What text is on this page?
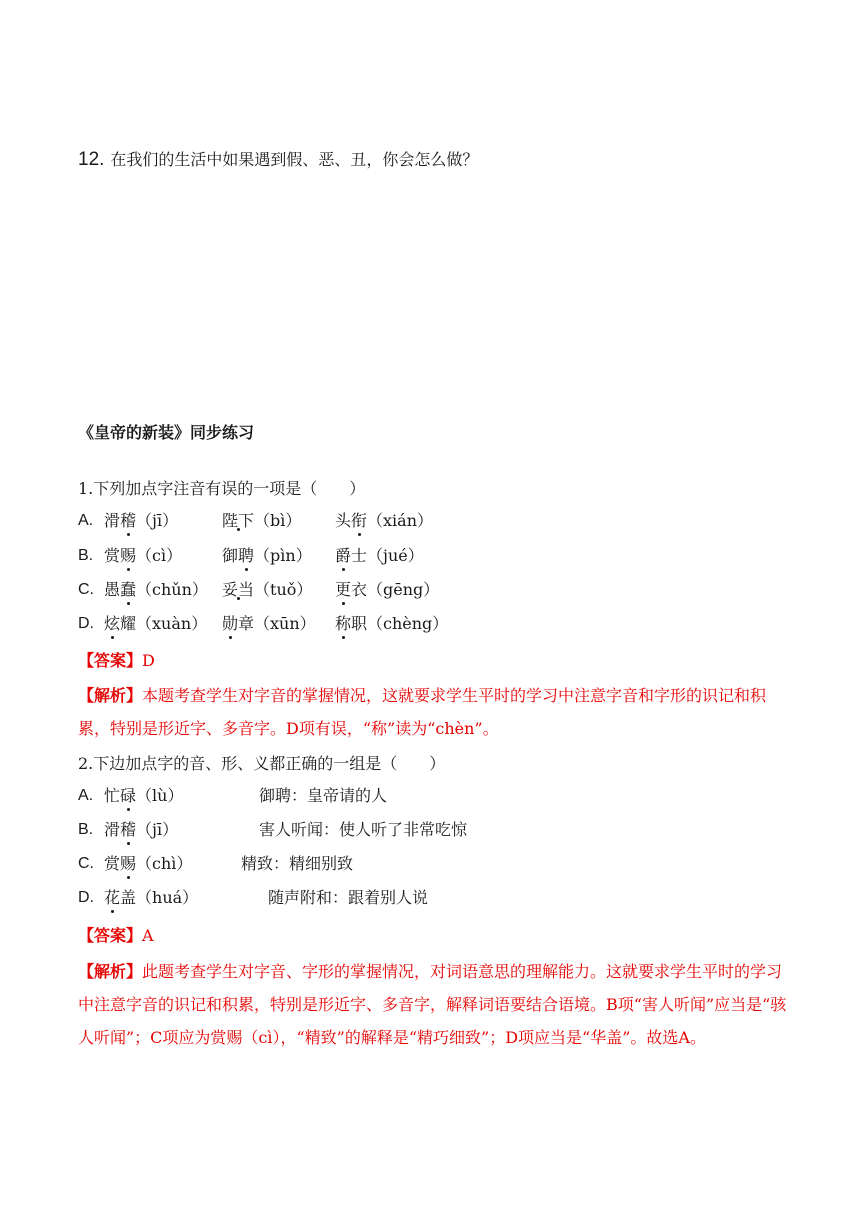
12. 在我们的生活中如果遇到假、恶、丑，你会怎么做？
《皇帝的新装》同步练习
1.下列加点字注音有误的一项是（　　）
A. 滑稽（jī）	陛下（bì） 头衔（xián）
B. 赏赐（cì） 御聘（pìn） 爵士（jué）
C. 愚蠢（chǔn） 妥当（tuǒ） 更衣（gēng）
D. 炫耀（xuàn） 勋章（xūn） 称职（chèng）
【答案】D
【解析】本题考查学生对字音的掌握情况，这就要求学生平时的学习中注意字音和字形的识记和积累，特别是形近字、多音字。D项有误，“称”读为“chèn”。
2.下边加点字的音、形、义都正确的一组是（　　）
A. 忙碌（lù）	御聘：皇帝请的人
B. 滑稽（jī）	害人听闻：使人听了非常吃惊
C. 赏赐（chì）	精致：精细别致
D. 花盖（huá）	随声附和：跟着别人说
【答案】A
【解析】此题考查学生对字音、字形的掌握情况，对词语意思的理解能力。这就要求学生平时的学习中注意字音的识记和积累，特别是形近字、多音字，解释词语要结合语境。B项“害人听闻”应当是“骇人听闻”；C项应为赏赐（cì），“精致”的解释是“精巧细致”；D项应当是“华盖”。故选A。
